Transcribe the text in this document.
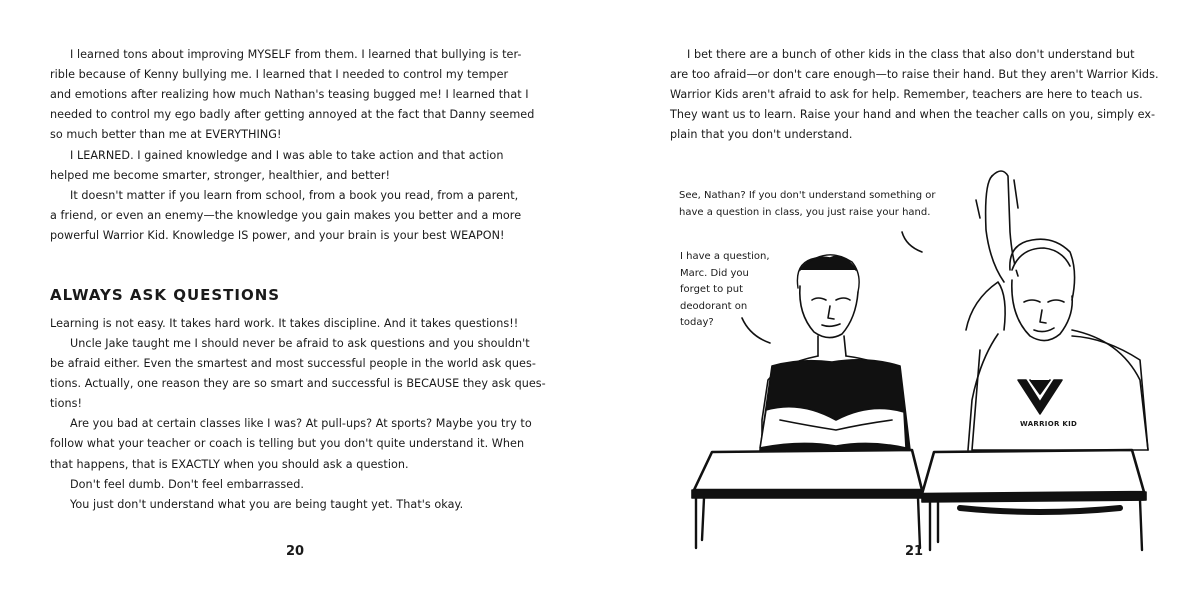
I learned tons about improving MYSELF from them. I learned that bullying is ter-
rible because of Kenny bullying me. I learned that I needed to control my temper
and emotions after realizing how much Nathan's teasing bugged me! I learned that I
needed to control my ego badly after getting annoyed at the fact that Danny seemed
so much better than me at EVERYTHING!
I LEARNED. I gained knowledge and I was able to take action and that action
helped me become smarter, stronger, healthier, and better!
It doesn't matter if you learn from school, from a book you read, from a parent,
a friend, or even an enemy—the knowledge you gain makes you better and a more
powerful Warrior Kid. Knowledge IS power, and your brain is your best WEAPON!
ALWAYS ASK QUESTIONS
Learning is not easy. It takes hard work. It takes discipline. And it takes questions!!
Uncle Jake taught me I should never be afraid to ask questions and you shouldn't
be afraid either. Even the smartest and most successful people in the world ask ques-
tions. Actually, one reason they are so smart and successful is BECAUSE they ask ques-
tions!
Are you bad at certain classes like I was? At pull-ups? At sports? Maybe you try to
follow what your teacher or coach is telling but you don't quite understand it. When
that happens, that is EXACTLY when you should ask a question.
Don't feel dumb. Don't feel embarrassed.
You just don't understand what you are being taught yet. That's okay.
20
I bet there are a bunch of other kids in the class that also don't understand but
are too afraid—or don't care enough—to raise their hand. But they aren't Warrior Kids.
Warrior Kids aren't afraid to ask for help. Remember, teachers are here to teach us.
They want us to learn. Raise your hand and when the teacher calls on you, simply ex-
plain that you don't understand.
See, Nathan? If you don't understand something or
have a question in class, you just raise your hand.
I have a question,
Marc. Did you
forget to put
deodorant on
today?
WARRIOR KID
21
